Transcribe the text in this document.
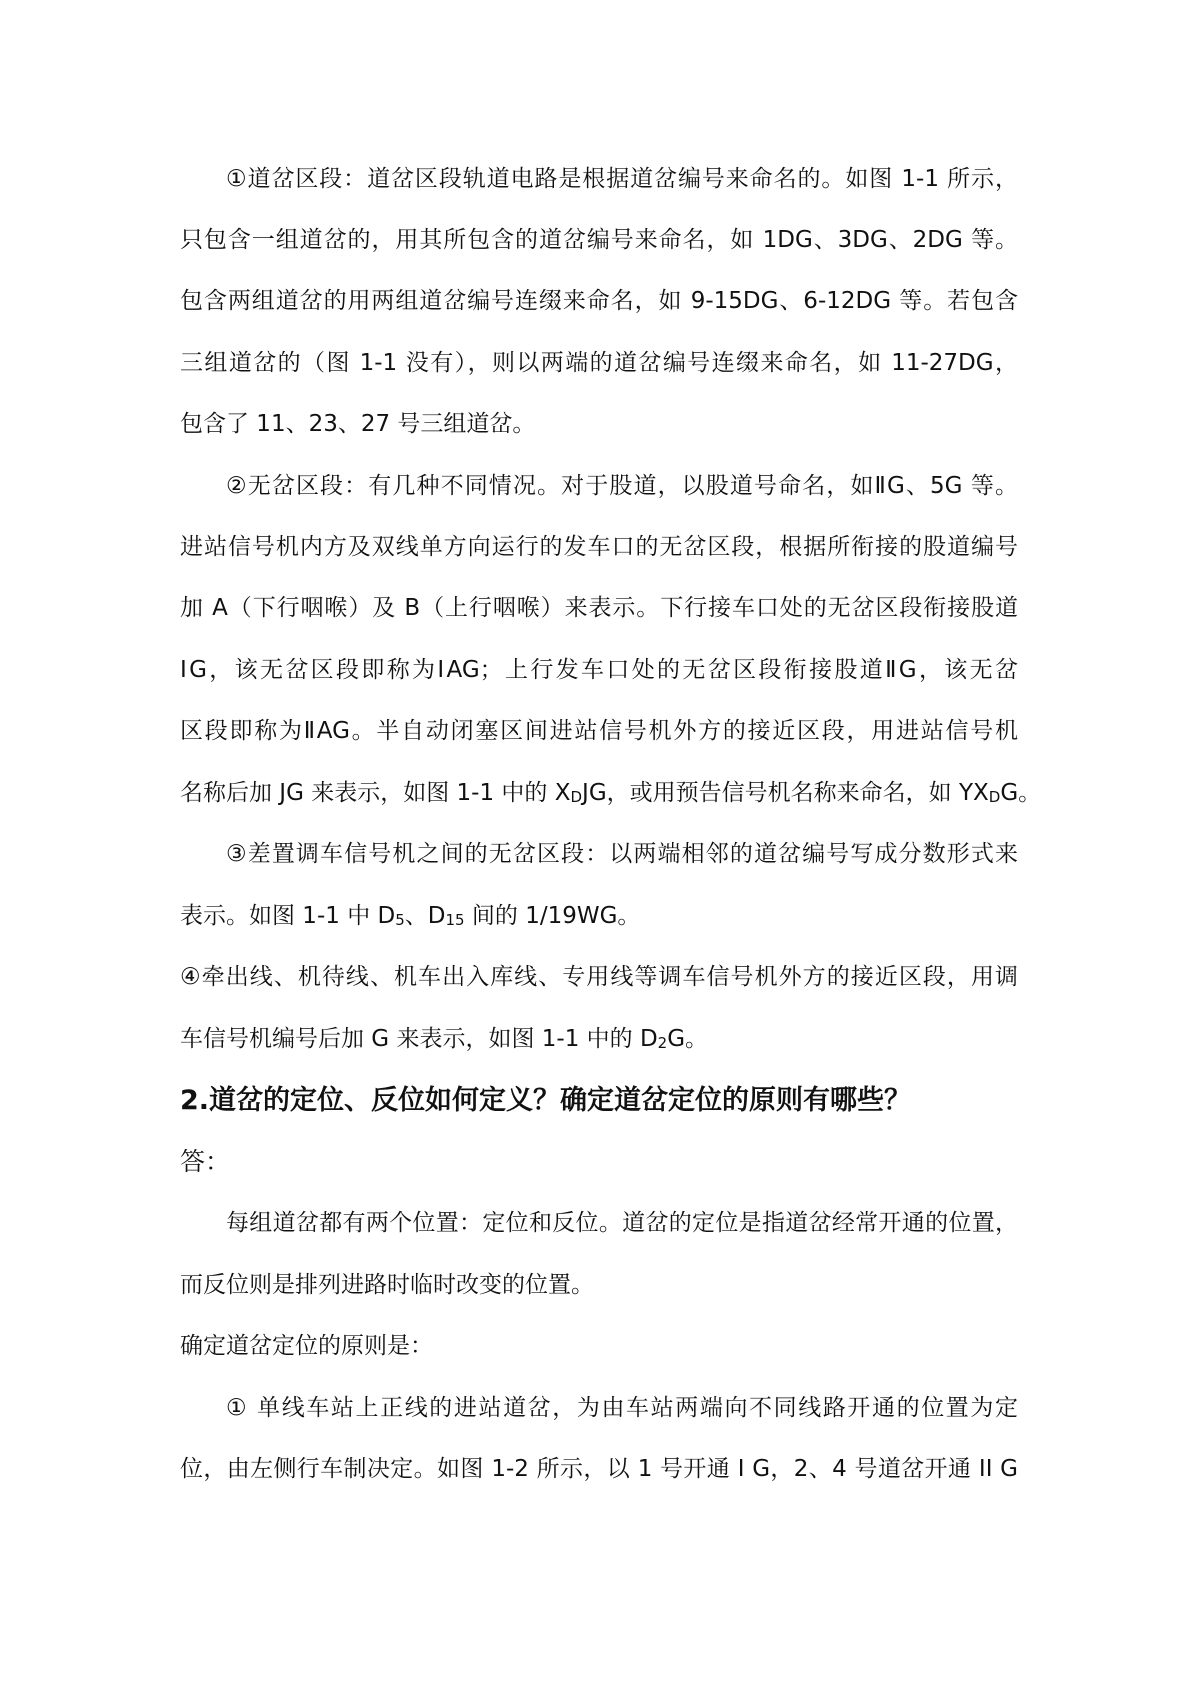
①道岔区段：道岔区段轨道电路是根据道岔编号来命名的。如图 1-1 所示，
只包含一组道岔的，用其所包含的道岔编号来命名，如 1DG、3DG、2DG 等。
包含两组道岔的用两组道岔编号连缀来命名，如 9-15DG、6-12DG 等。若包含
三组道岔的（图 1-1 没有），则以两端的道岔编号连缀来命名，如 11-27DG，
包含了 11、23、27 号三组道岔。
②无岔区段：有几种不同情况。对于股道，以股道号命名，如ⅡG、5G 等。
进站信号机内方及双线单方向运行的发车口的无岔区段，根据所衔接的股道编号
加 A（下行咽喉）及 B（上行咽喉）来表示。下行接车口处的无岔区段衔接股道
ⅠG，该无岔区段即称为ⅠAG；上行发车口处的无岔区段衔接股道ⅡG，该无岔
区段即称为ⅡAG。半自动闭塞区间进站信号机外方的接近区段，用进站信号机
名称后加 JG 来表示，如图 1-1 中的 $X_DJG$，或用预告信号机名称来命名，如 $YX_DG$。
③差置调车信号机之间的无岔区段：以两端相邻的道岔编号写成分数形式来
表示。如图 1-1 中 $D_5$、$D_{15}$ 间的 1/19WG。
④牵出线、机待线、机车出入库线、专用线等调车信号机外方的接近区段，用调
车信号机编号后加 G 来表示，如图 1-1 中的 $D_2G$。
2.道岔的定位、反位如何定义？确定道岔定位的原则有哪些？
答：
每组道岔都有两个位置：定位和反位。道岔的定位是指道岔经常开通的位置，
而反位则是排列进路时临时改变的位置。
确定道岔定位的原则是：
① 单线车站上正线的进站道岔，为由车站两端向不同线路开通的位置为定
位，由左侧行车制决定。如图 1-2 所示，以 1 号开通 I G，2、4 号道岔开通 II G
